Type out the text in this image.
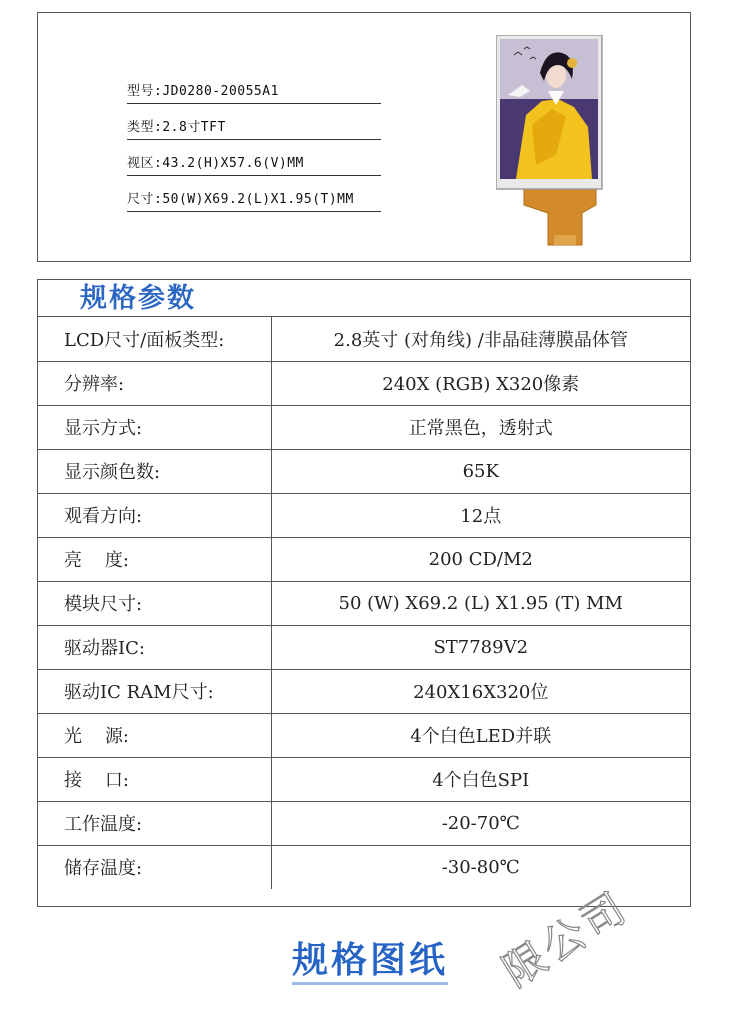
型号:JD0280-20055A1
类型:2.8寸TFT
视区:43.2(H)X57.6(V)MM
尺寸:50(W)X69.2(L)X1.95(T)MM
规格参数
LCD尺寸/面板类型:	2.8英寸 (对角线) /非晶硅薄膜晶体管
分辨率:	240X (RGB) X320像素
显示方式:	正常黑色，透射式
显示颜色数:	65K
观看方向:	12点
亮    度:	200 CD/M2
模块尺寸:	50 (W) X69.2 (L) X1.95 (T) MM
驱动器IC:	ST7789V2
驱动IC RAM尺寸:	240X16X320位
光    源:	4个白色LED并联
接    口:	4个白色SPI
工作温度:	-20-70℃
储存温度:	-30-80℃
规格图纸	限公司
